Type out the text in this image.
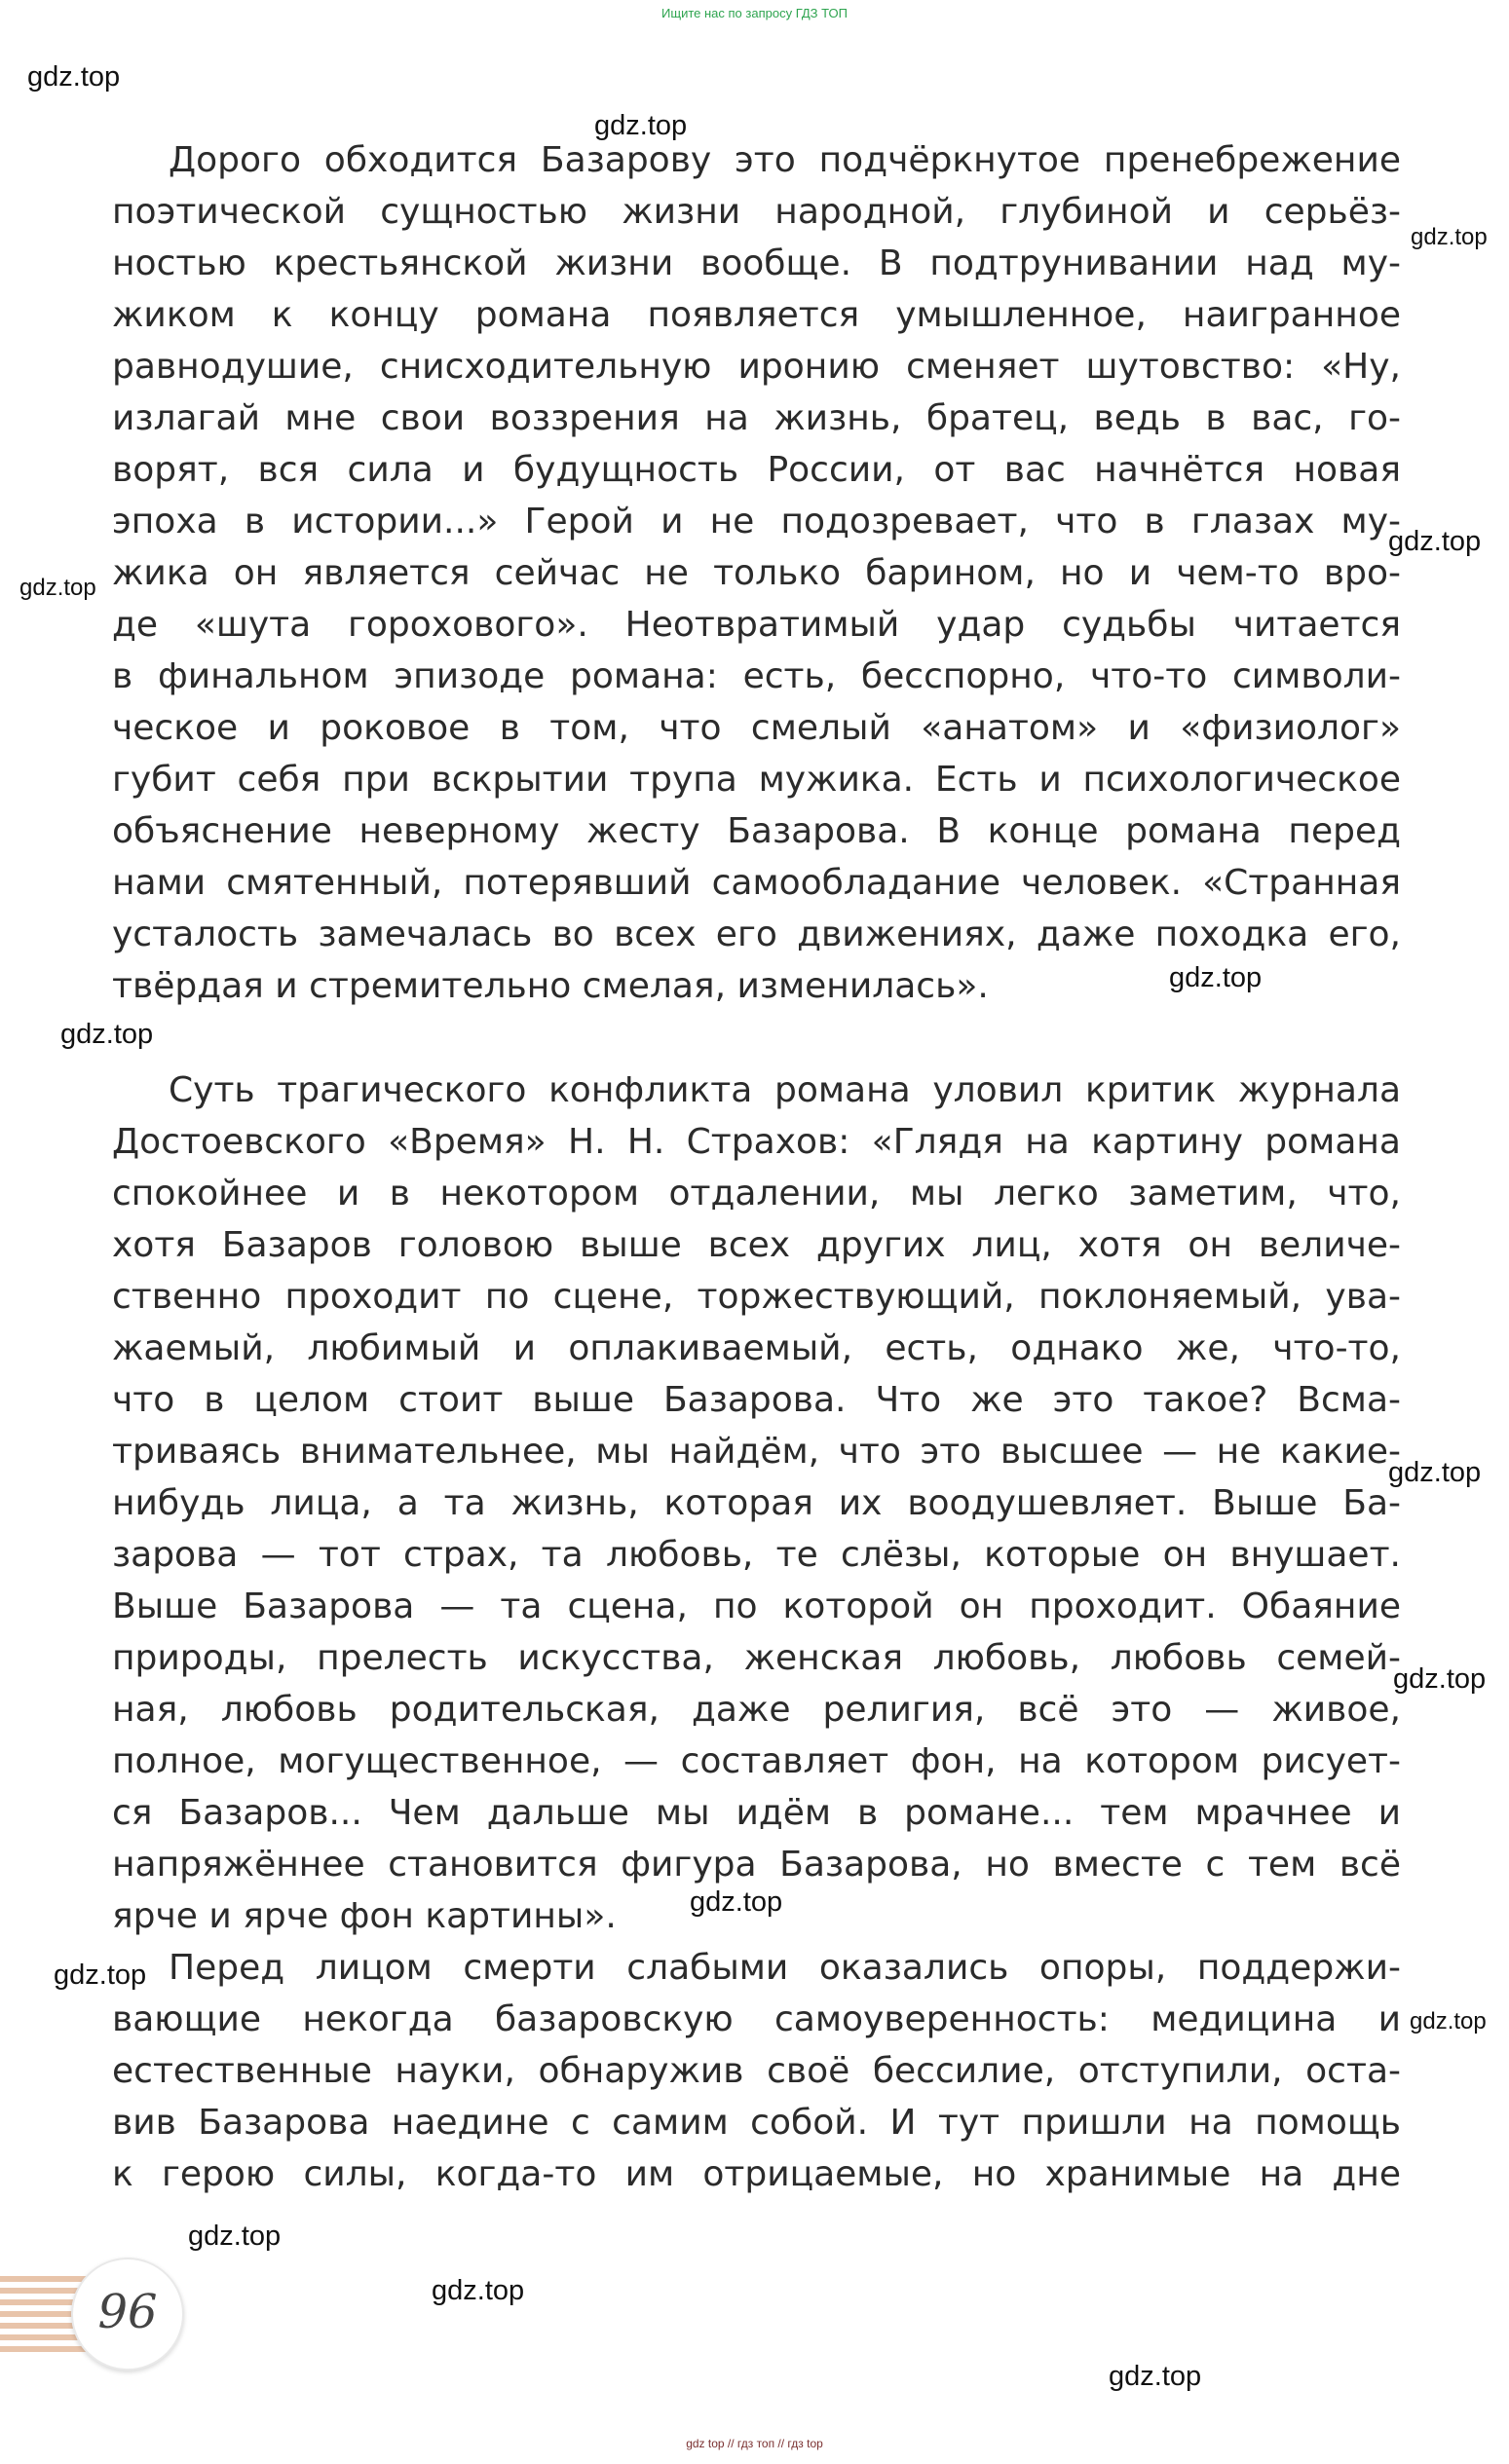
Ищите нас по запросу ГДЗ ТОП
Дорого обходится Базарову это подчёркнутое пренебрежение
поэтической сущностью жизни народной, глубиной и серьёз-
ностью крестьянской жизни вообще. В подтрунивании над му-
жиком к концу романа появляется умышленное, наигранное
равнодушие, снисходительную иронию сменяет шутовство: «Ну,
излагай мне свои воззрения на жизнь, братец, ведь в вас, го-
ворят, вся сила и будущность России, от вас начнётся новая
эпоха в истории...» Герой и не подозревает, что в глазах му-
жика он является сейчас не только барином, но и чем-то вро-
де «шута горохового». Неотвратимый удар судьбы читается
в финальном эпизоде романа: есть, бесспорно, что-то символи-
ческое и роковое в том, что смелый «анатом» и «физиолог»
губит себя при вскрытии трупа мужика. Есть и психологическое
объяснение неверному жесту Базарова. В конце романа перед
нами смятенный, потерявший самообладание человек. «Странная
усталость замечалась во всех его движениях, даже походка его,
твёрдая и стремительно смелая, изменилась».
Суть трагического конфликта романа уловил критик журнала
Достоевского «Время» Н. Н. Страхов: «Глядя на картину романа
спокойнее и в некотором отдалении, мы легко заметим, что,
хотя Базаров головою выше всех других лиц, хотя он величе-
ственно проходит по сцене, торжествующий, поклоняемый, ува-
жаемый, любимый и оплакиваемый, есть, однако же, что-то,
что в целом стоит выше Базарова. Что же это такое? Всма-
триваясь внимательнее, мы найдём, что это высшее — не какие-
нибудь лица, а та жизнь, которая их воодушевляет. Выше Ба-
зарова — тот страх, та любовь, те слёзы, которые он внушает.
Выше Базарова — та сцена, по которой он проходит. Обаяние
природы, прелесть искусства, женская любовь, любовь семей-
ная, любовь родительская, даже религия, всё это — живое,
полное, могущественное, — составляет фон, на котором рисует-
ся Базаров... Чем дальше мы идём в романе... тем мрачнее и
напряжённее становится фигура Базарова, но вместе с тем всё
ярче и ярче фон картины».
Перед лицом смерти слабыми оказались опоры, поддержи-
вающие некогда базаровскую самоуверенность: медицина и
естественные науки, обнаружив своё бессилие, отступили, оста-
вив Базарова наедине с самим собой. И тут пришли на помощь
к герою силы, когда-то им отрицаемые, но хранимые на дне
gdz.top
gdz.top
gdz.top
gdz.top
gdz.top
gdz.top
gdz.top
gdz.top
gdz.top
gdz.top
gdz.top
gdz.top
gdz.top
gdz.top
gdz.top
96
gdz top // гдз топ // гдз top
